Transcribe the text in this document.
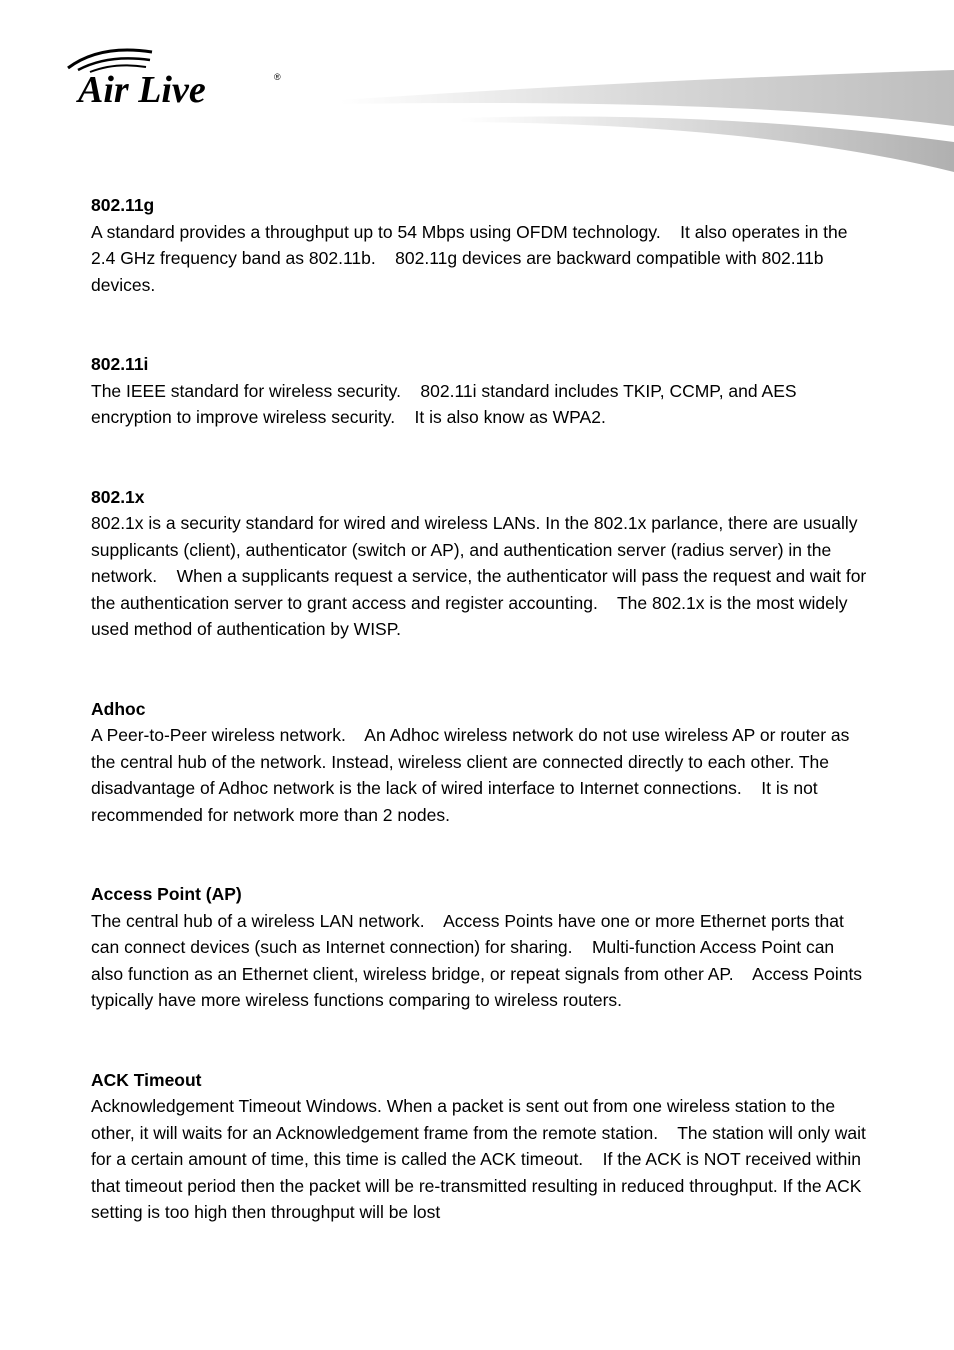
Air Live	®

802.11g

A standard provides a throughput up to 54 Mbps using OFDM technology.    It also operates in the 2.4 GHz frequency band as 802.11b.    802.11g devices are backward compatible with 802.11b devices.

802.11i

The IEEE standard for wireless security.    802.11i standard includes TKIP, CCMP, and AES encryption to improve wireless security.    It is also know as WPA2.

802.1x

802.1x is a security standard for wired and wireless LANs. In the 802.1x parlance, there are usually supplicants (client), authenticator (switch or AP), and authentication server (radius server) in the network.    When a supplicants request a service, the authenticator will pass the request and wait for the authentication server to grant access and register accounting.    The 802.1x is the most widely used method of authentication by WISP.

Adhoc

A Peer-to-Peer wireless network.    An Adhoc wireless network do not use wireless AP or router as the central hub of the network. Instead, wireless client are connected directly to each other. The disadvantage of Adhoc network is the lack of wired interface to Internet connections.    It is not recommended for network more than 2 nodes.

Access Point (AP)

The central hub of a wireless LAN network.    Access Points have one or more Ethernet ports that can connect devices (such as Internet connection) for sharing.    Multi-function Access Point can also function as an Ethernet client, wireless bridge, or repeat signals from other AP.    Access Points typically have more wireless functions comparing to wireless routers.

ACK Timeout

Acknowledgement Timeout Windows. When a packet is sent out from one wireless station to the other, it will waits for an Acknowledgement frame from the remote station.    The station will only wait for a certain amount of time, this time is called the ACK timeout.    If the ACK is NOT received within that timeout period then the packet will be re-transmitted resulting in reduced throughput. If the ACK setting is too high then throughput will be lost
